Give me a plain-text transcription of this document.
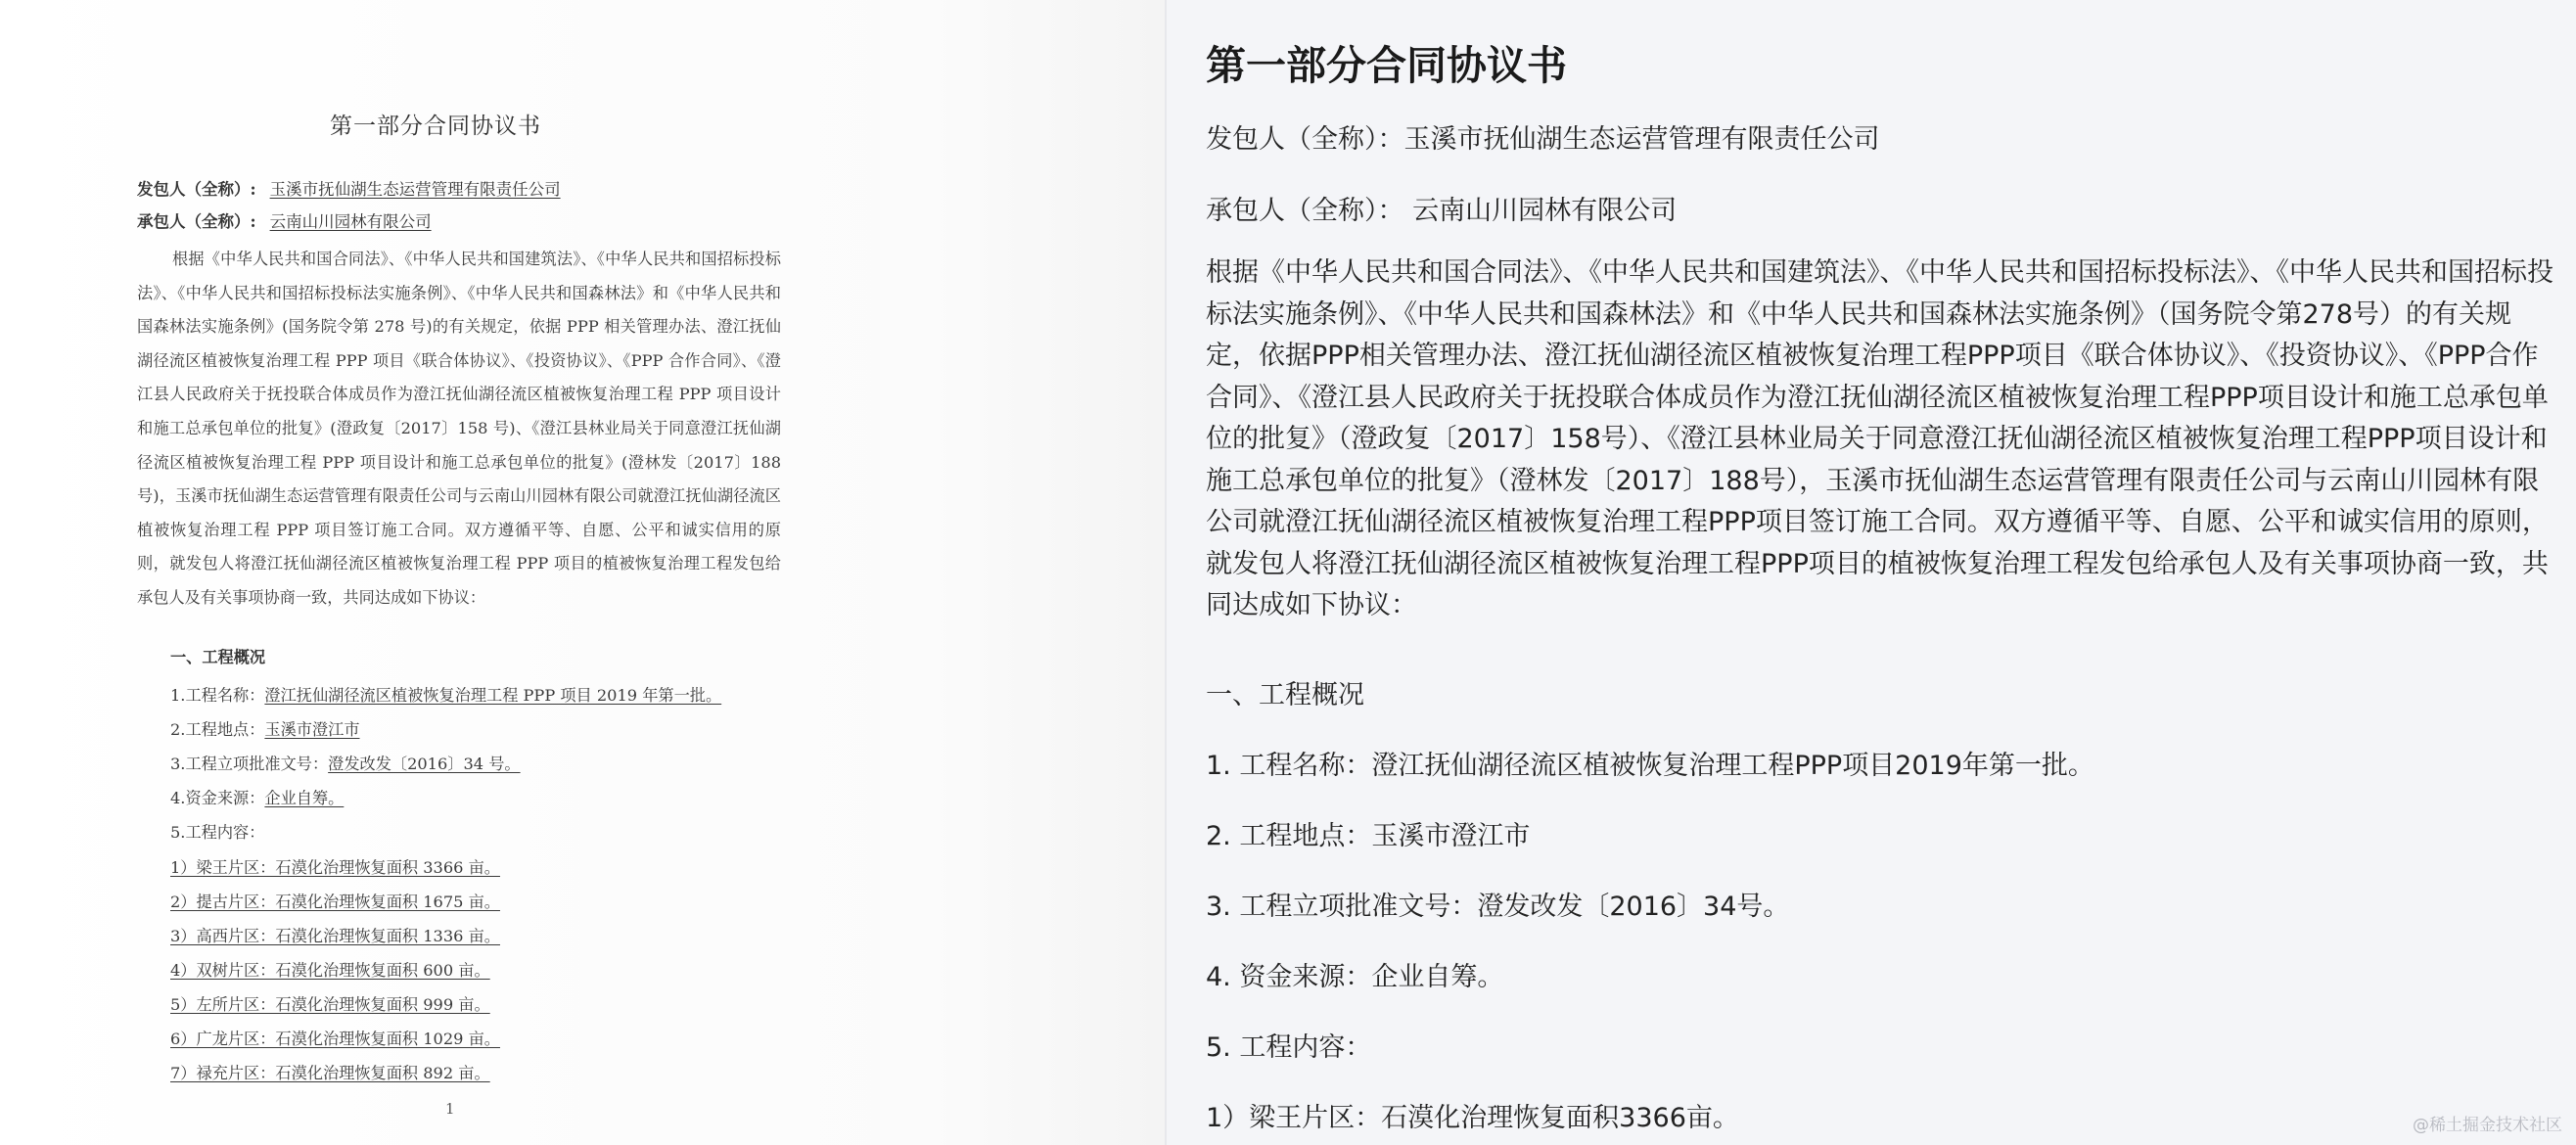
第一部分合同协议书
发包人（全称）: 玉溪市抚仙湖生态运营管理有限责任公司
承包人（全称）: 云南山川园林有限公司
根据《中华人民共和国合同法》、《中华人民共和国建筑法》、《中华人民共和国招标投标法》、《中华人民共和国招标投标法实施条例》、《中华人民共和国森林法》和《中华人民共和国森林法实施条例》(国务院令第 278 号)的有关规定，依据 PPP 相关管理办法、澄江抚仙湖径流区植被恢复治理工程 PPP 项目《联合体协议》、《投资协议》、《PPP 合作合同》、《澄江县人民政府关于抚投联合体成员作为澄江抚仙湖径流区植被恢复治理工程 PPP 项目设计和施工总承包单位的批复》(澄政复〔2017〕158 号)、《澄江县林业局关于同意澄江抚仙湖径流区植被恢复治理工程 PPP 项目设计和施工总承包单位的批复》(澄林发〔2017〕188 号)，玉溪市抚仙湖生态运营管理有限责任公司与云南山川园林有限公司就澄江抚仙湖径流区植被恢复治理工程 PPP 项目签订施工合同。双方遵循平等、自愿、公平和诚实信用的原则，就发包人将澄江抚仙湖径流区植被恢复治理工程 PPP 项目的植被恢复治理工程发包给承包人及有关事项协商一致，共同达成如下协议：
一、工程概况
1.工程名称：澄江抚仙湖径流区植被恢复治理工程 PPP 项目 2019 年第一批。
2.工程地点：玉溪市澄江市
3.工程立项批准文号：澄发改发〔2016〕34 号。
4.资金来源：企业自筹。
5.工程内容：
1）梁王片区：石漠化治理恢复面积 3366 亩。
2）提古片区：石漠化治理恢复面积 1675 亩。
3）高西片区：石漠化治理恢复面积 1336 亩。
4）双树片区：石漠化治理恢复面积 600 亩。
5）左所片区：石漠化治理恢复面积 999 亩。
6）广龙片区：石漠化治理恢复面积 1029 亩。
7）禄充片区：石漠化治理恢复面积 892 亩。
1
第一部分合同协议书
发包人（全称）：玉溪市抚仙湖生态运营管理有限责任公司
承包人（全称）： 云南山川园林有限公司
根据《中华人民共和国合同法》、《中华人民共和国建筑法》、《中华人民共和国招标投标法》、《中华人民共和国招标投标法实施条例》、《中华人民共和国森林法》和《中华人民共和国森林法实施条例》（国务院令第278号）的有关规定，依据PPP相关管理办法、澄江抚仙湖径流区植被恢复治理工程PPP项目《联合体协议》、《投资协议》、《PPP合作合同》、《澄江县人民政府关于抚投联合体成员作为澄江抚仙湖径流区植被恢复治理工程PPP项目设计和施工总承包单位的批复》（澄政复〔2017〕158号）、《澄江县林业局关于同意澄江抚仙湖径流区植被恢复治理工程PPP项目设计和施工总承包单位的批复》（澄林发〔2017〕188号），玉溪市抚仙湖生态运营管理有限责任公司与云南山川园林有限公司就澄江抚仙湖径流区植被恢复治理工程PPP项目签订施工合同。双方遵循平等、自愿、公平和诚实信用的原则，就发包人将澄江抚仙湖径流区植被恢复治理工程PPP项目的植被恢复治理工程发包给承包人及有关事项协商一致，共同达成如下协议：
一、工程概况
1. 工程名称：澄江抚仙湖径流区植被恢复治理工程PPP项目2019年第一批。
2. 工程地点：玉溪市澄江市
3. 工程立项批准文号：澄发改发〔2016〕34号。
4. 资金来源：企业自筹。
5. 工程内容：
1）梁王片区：石漠化治理恢复面积3366亩。	@稀土掘金技术社区
